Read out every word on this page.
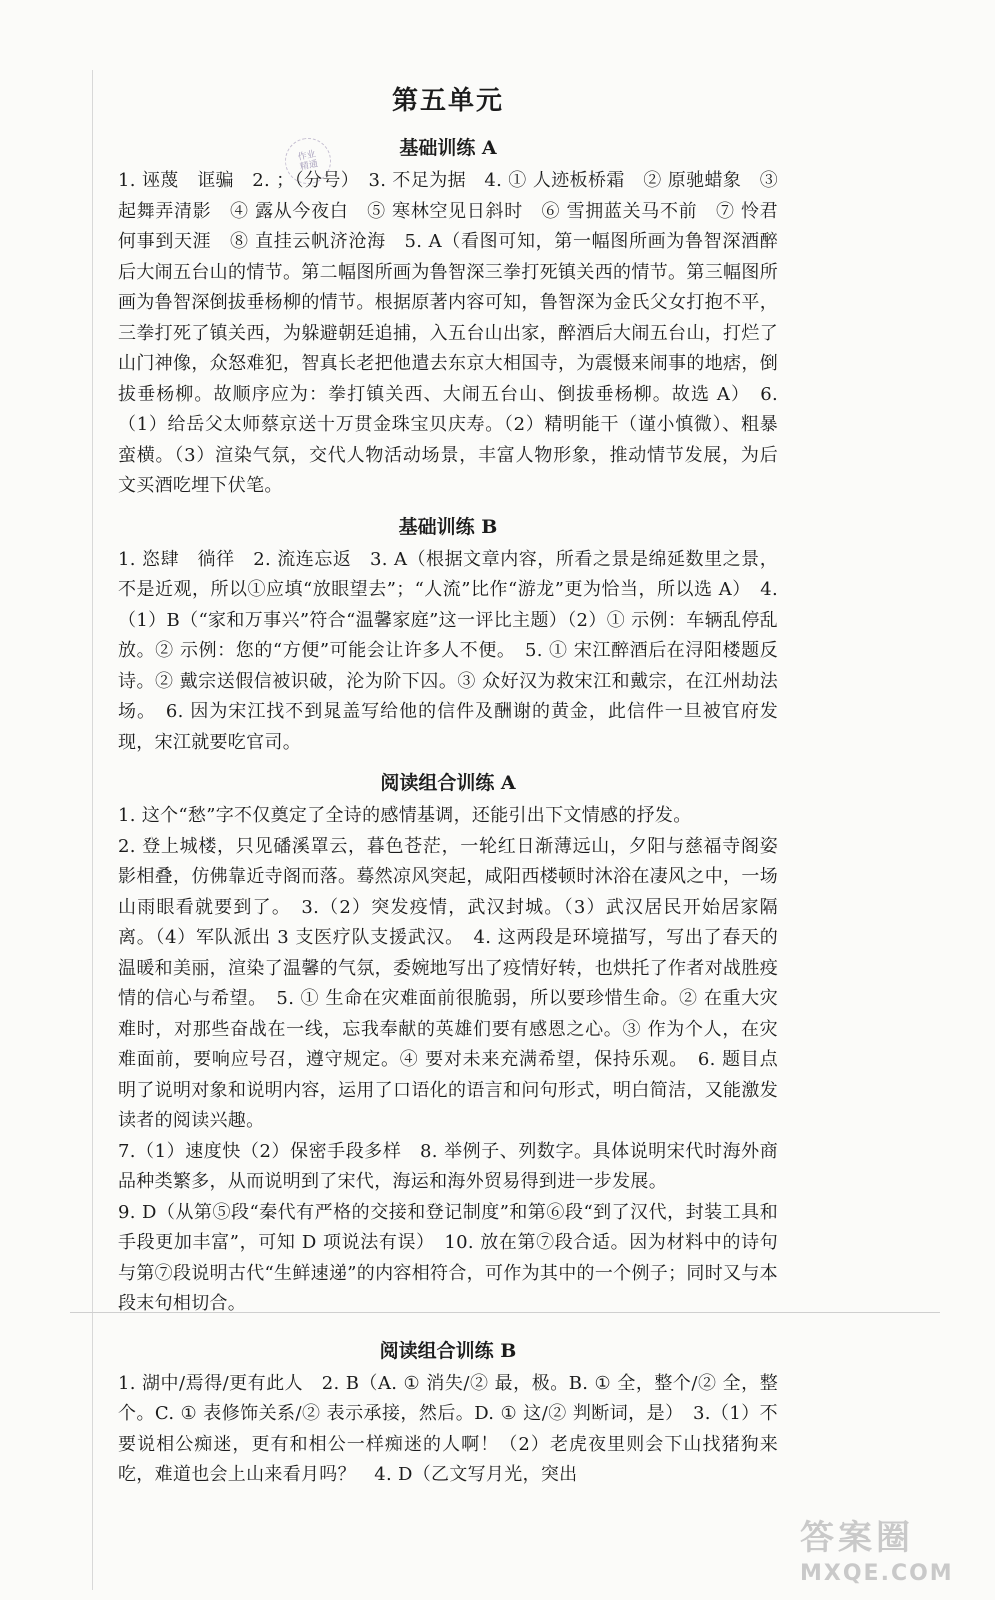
作业
精通
第五单元
基础训练 A

1. 诬蔑　诓骗　2. ；（分号）　3. 不足为据　4. ① 人迹板桥霜　② 原驰蜡象　③ 起舞弄清影　④ 露从今夜白　⑤ 寒林空见日斜时　⑥ 雪拥蓝关马不前　⑦ 怜君何事到天涯　⑧ 直挂云帆济沧海　5. A（看图可知，第一幅图所画为鲁智深酒醉后大闹五台山的情节。第二幅图所画为鲁智深三拳打死镇关西的情节。第三幅图所画为鲁智深倒拔垂杨柳的情节。根据原著内容可知，鲁智深为金氏父女打抱不平，三拳打死了镇关西，为躲避朝廷追捕，入五台山出家，醉酒后大闹五台山，打烂了山门神像，众怒难犯，智真长老把他遣去东京大相国寺，为震慑来闹事的地痞，倒拔垂杨柳。故顺序应为：拳打镇关西、大闹五台山、倒拔垂杨柳。故选 A）　6.（1）给岳父太师蔡京送十万贯金珠宝贝庆寿。（2）精明能干（谨小慎微）、粗暴蛮横。（3）渲染气氛，交代人物活动场景，丰富人物形象，推动情节发展，为后文买酒吃埋下伏笔。

基础训练 B

1. 恣肆　徜徉　2. 流连忘返　3. A（根据文章内容，所看之景是绵延数里之景，不是近观，所以①应填“放眼望去”；“人流”比作“游龙”更为恰当，所以选 A）　4.（1）B（“家和万事兴”符合“温馨家庭”这一评比主题）（2）① 示例：车辆乱停乱放。② 示例：您的“方便”可能会让许多人不便。　5. ① 宋江醉酒后在浔阳楼题反诗。② 戴宗送假信被识破，沦为阶下囚。③ 众好汉为救宋江和戴宗，在江州劫法场。　6. 因为宋江找不到晁盖写给他的信件及酬谢的黄金，此信件一旦被官府发现，宋江就要吃官司。

阅读组合训练 A

1. 这个“愁”字不仅奠定了全诗的感情基调，还能引出下文情感的抒发。

2. 登上城楼，只见磻溪罩云，暮色苍茫，一轮红日渐薄远山，夕阳与慈福寺阁姿影相叠，仿佛靠近寺阁而落。蓦然凉风突起，咸阳西楼顿时沐浴在凄风之中，一场山雨眼看就要到了。　3.（2）突发疫情，武汉封城。（3）武汉居民开始居家隔离。（4）军队派出 3 支医疗队支援武汉。　4. 这两段是环境描写，写出了春天的温暖和美丽，渲染了温馨的气氛，委婉地写出了疫情好转，也烘托了作者对战胜疫情的信心与希望。　5. ① 生命在灾难面前很脆弱，所以要珍惜生命。② 在重大灾难时，对那些奋战在一线，忘我奉献的英雄们要有感恩之心。③ 作为个人，在灾难面前，要响应号召，遵守规定。④ 要对未来充满希望，保持乐观。　6. 题目点明了说明对象和说明内容，运用了口语化的语言和问句形式，明白简洁，又能激发读者的阅读兴趣。

7.（1）速度快（2）保密手段多样　8. 举例子、列数字。具体说明宋代时海外商品种类繁多，从而说明到了宋代，海运和海外贸易得到进一步发展。

9. D（从第⑤段“秦代有严格的交接和登记制度”和第⑥段“到了汉代，封装工具和手段更加丰富”，可知 D 项说法有误）　10. 放在第⑦段合适。因为材料中的诗句与第⑦段说明古代“生鲜速递”的内容相符合，可作为其中的一个例子；同时又与本段末句相切合。

阅读组合训练 B

1. 湖中/焉得/更有此人　2. B（A. ① 消失/② 最，极。B. ① 全，整个/② 全，整个。C. ① 表修饰关系/② 表示承接，然后。D. ① 这/② 判断词，是）　3.（1）不要说相公痴迷，更有和相公一样痴迷的人啊！（2）老虎夜里则会下山找猪狗来吃，难道也会上山来看月吗？　4. D（乙文写月光，突出

答案圈
MXQE.COM
